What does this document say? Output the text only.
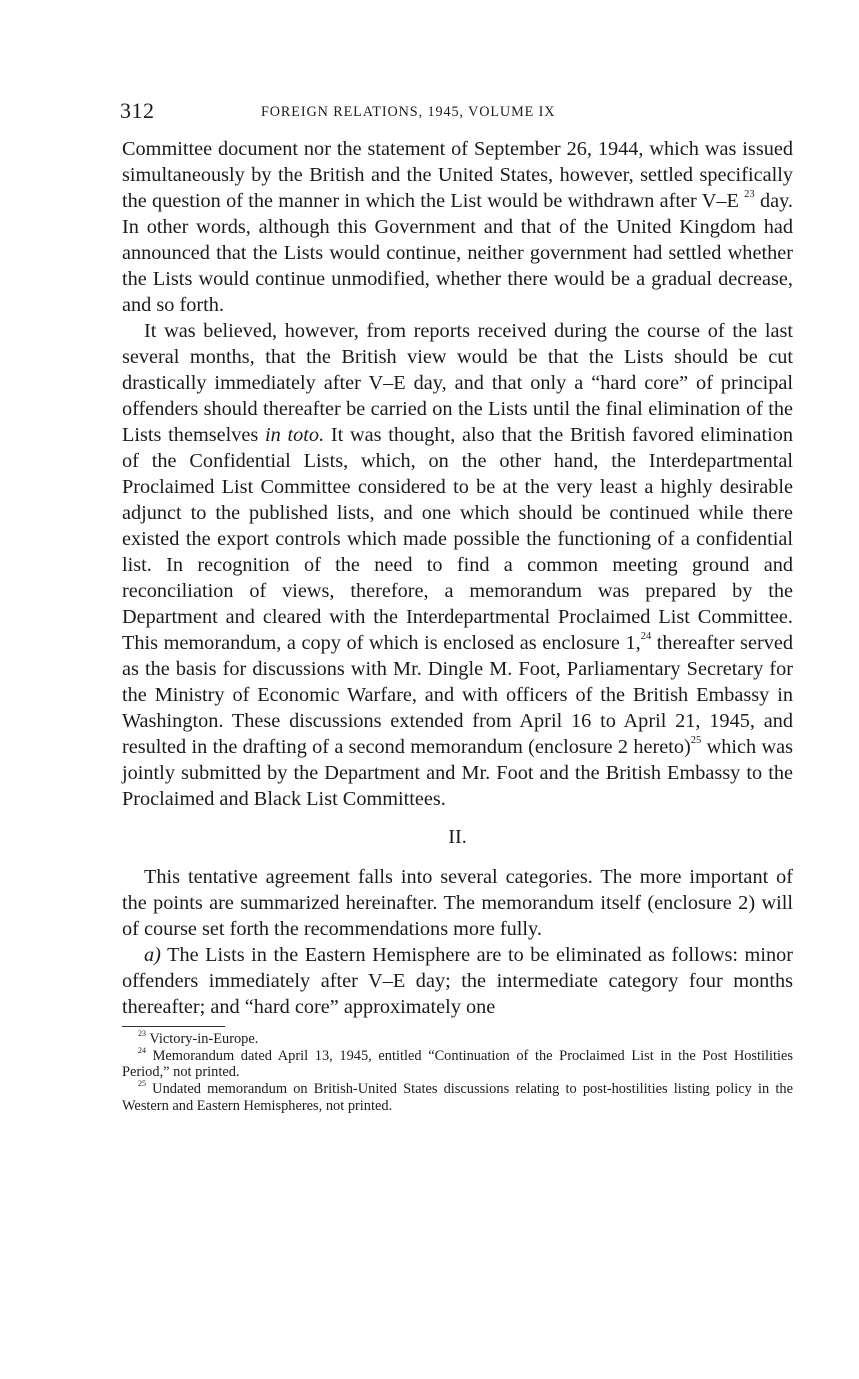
312	FOREIGN RELATIONS, 1945, VOLUME IX

Committee document nor the statement of September 26, 1944, which was issued simultaneously by the British and the United States, however, settled specifically the question of the manner in which the List would be withdrawn after V–E $^{23}$ day. In other words, although this Government and that of the United Kingdom had announced that the Lists would continue, neither government had settled whether the Lists would continue unmodified, whether there would be a gradual decrease, and so forth.

It was believed, however, from reports received during the course of the last several months, that the British view would be that the Lists should be cut drastically immediately after V–E day, and that only a “hard core” of principal offenders should thereafter be carried on the Lists until the final elimination of the Lists themselves in toto. It was thought, also that the British favored elimination of the Confidential Lists, which, on the other hand, the Interdepartmental Proclaimed List Committee considered to be at the very least a highly desirable adjunct to the published lists, and one which should be continued while there existed the export controls which made possible the functioning of a confidential list. In recognition of the need to find a common meeting ground and reconciliation of views, therefore, a memorandum was prepared by the Department and cleared with the Interdepartmental Proclaimed List Committee. This memorandum, a copy of which is enclosed as enclosure 1,24 thereafter served as the basis for discussions with Mr. Dingle M. Foot, Parliamentary Secretary for the Ministry of Economic Warfare, and with officers of the British Embassy in Washington. These discussions extended from April 16 to April 21, 1945, and resulted in the drafting of a second memorandum (enclosure 2 hereto)$^{25}$ which was jointly submitted by the Department and Mr. Foot and the British Embassy to the Proclaimed and Black List Committees.

II.

This tentative agreement falls into several categories. The more important of the points are summarized hereinafter. The memorandum itself (enclosure 2) will of course set forth the recommendations more fully.

a) The Lists in the Eastern Hemisphere are to be eliminated as follows: minor offenders immediately after V–E day; the intermediate category four months thereafter; and “hard core” approximately one

$^{23}$ Victory-in-Europe.

$^{24}$ Memorandum dated April 13, 1945, entitled “Continuation of the Proclaimed List in the Post Hostilities Period,” not printed.

$^{25}$ Undated memorandum on British-United States discussions relating to post-hostilities listing policy in the Western and Eastern Hemispheres, not printed.
